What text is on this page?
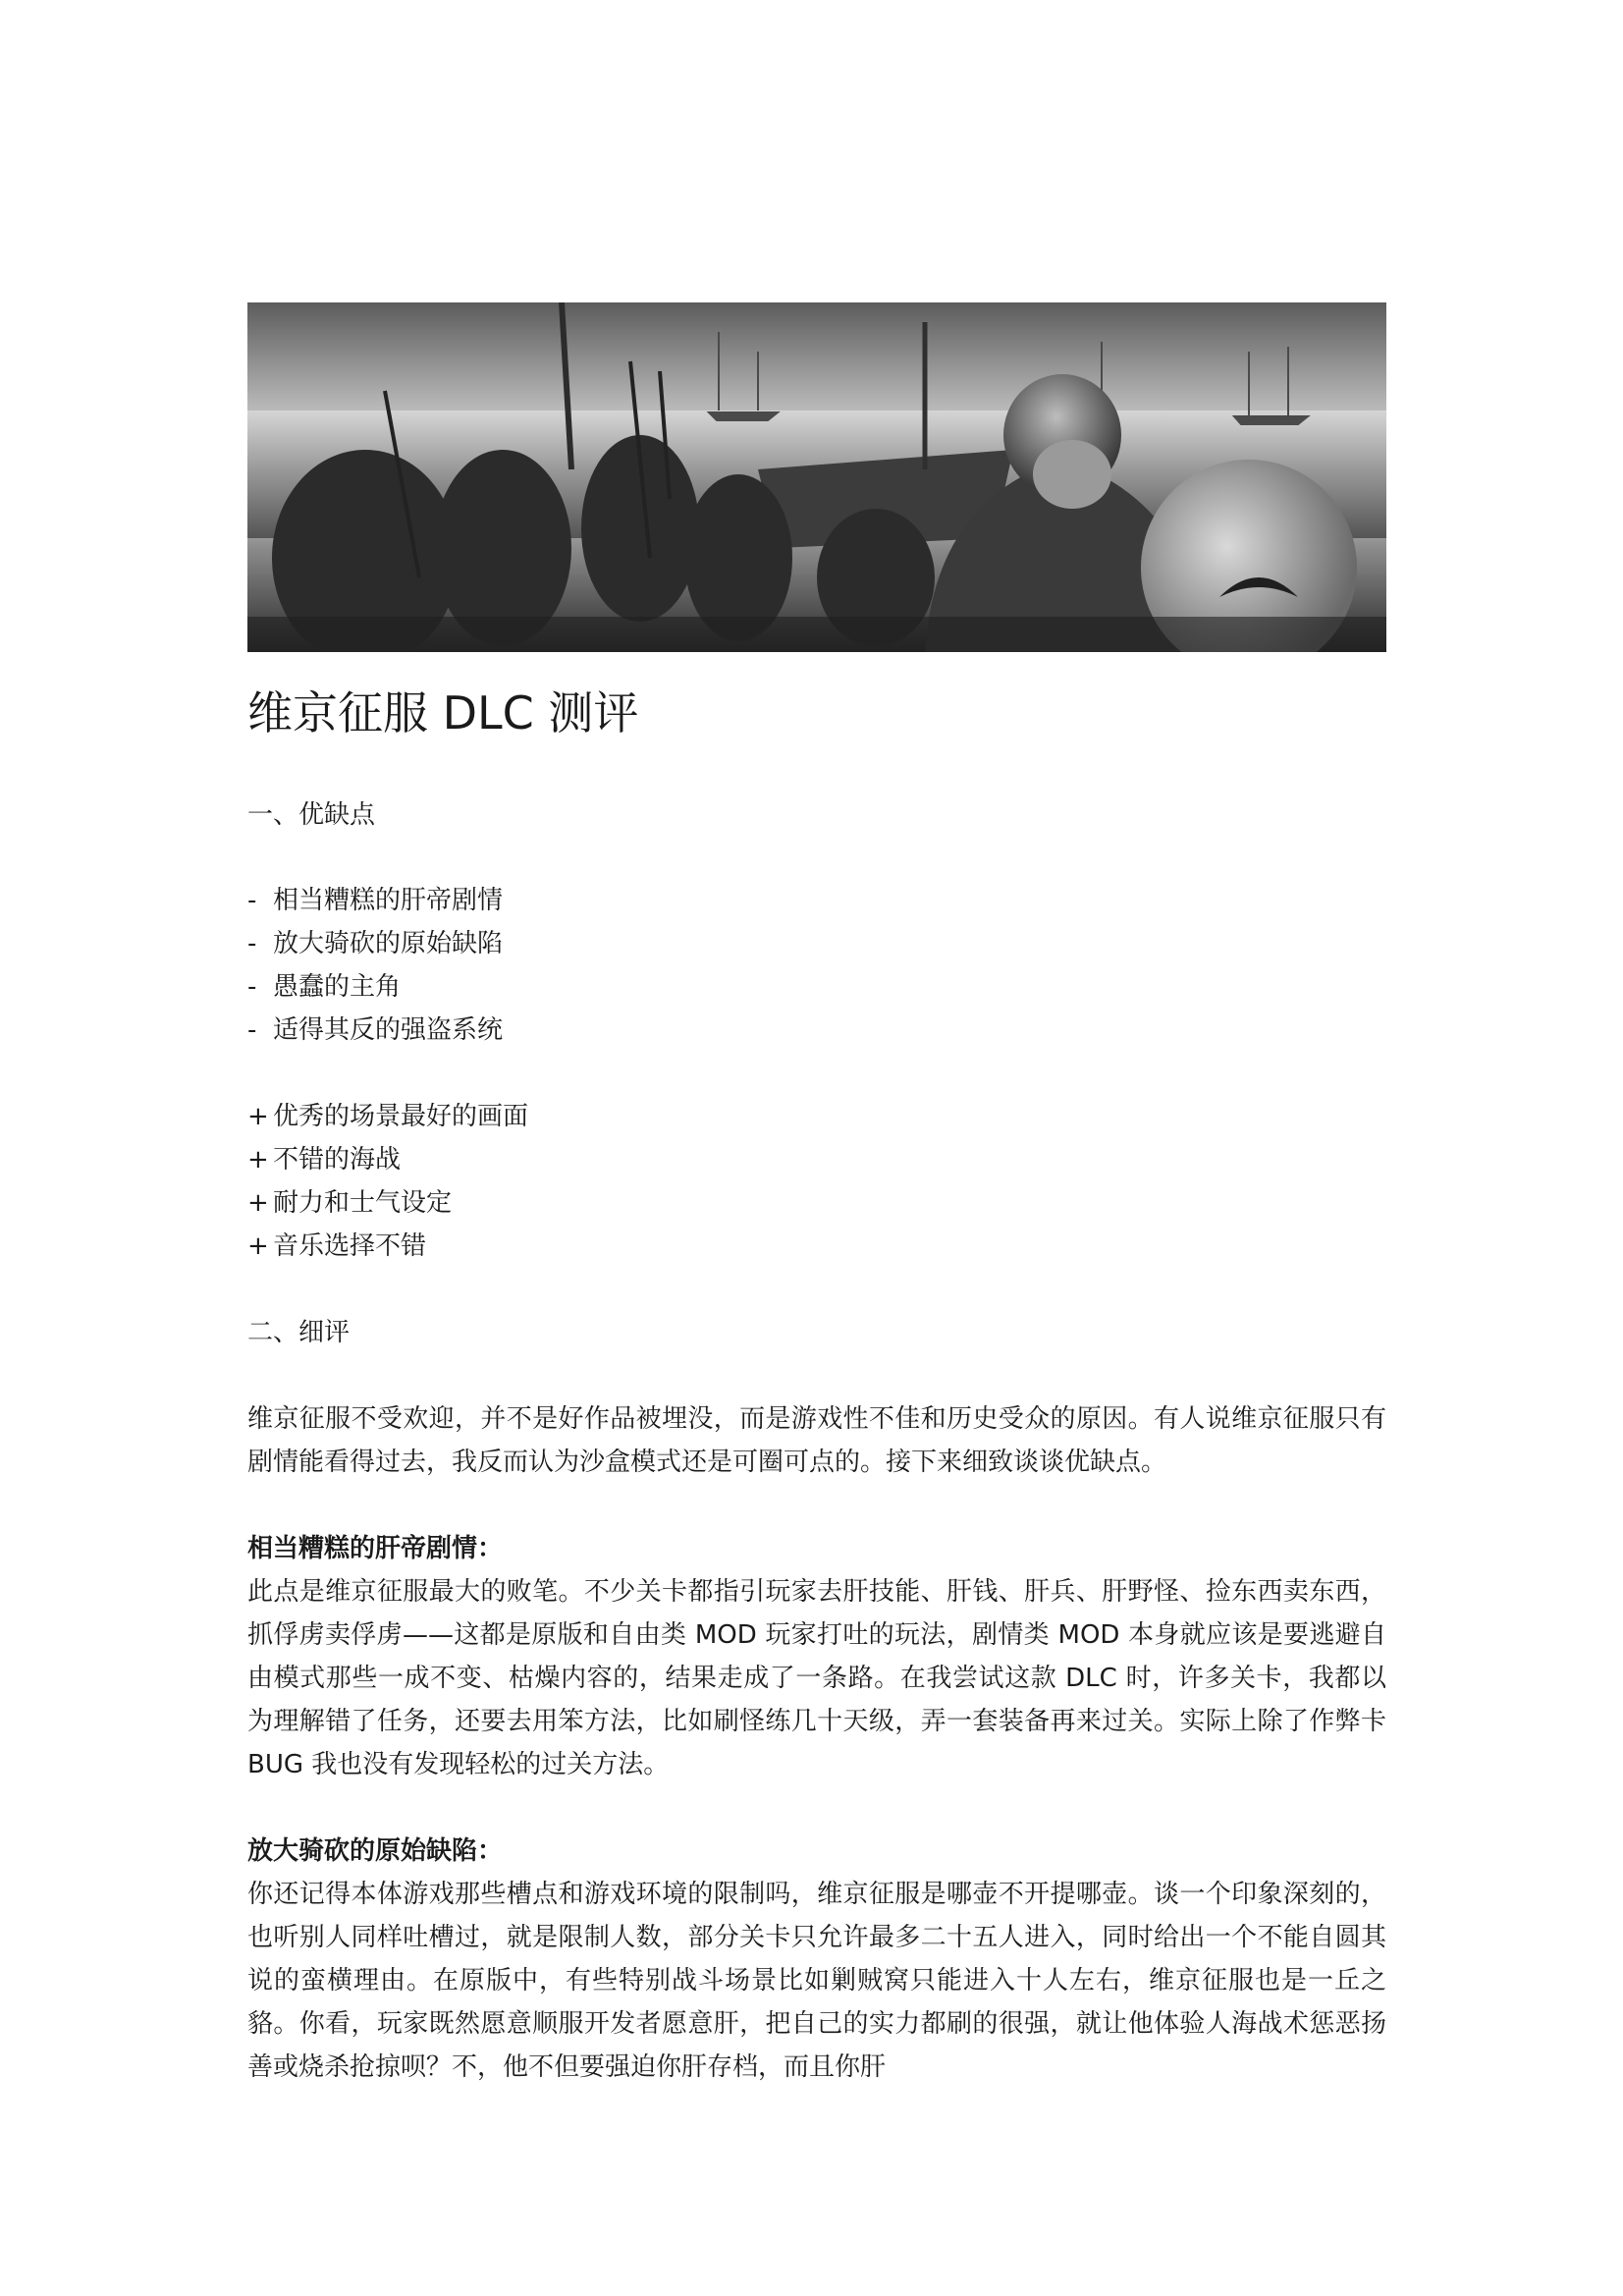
维京征服 DLC 测评

一、优缺点

- 相当糟糕的肝帝剧情
- 放大骑砍的原始缺陷
- 愚蠢的主角
- 适得其反的强盗系统
+ 优秀的场景最好的画面
+ 不错的海战
+ 耐力和士气设定
+ 音乐选择不错

二、细评

维京征服不受欢迎，并不是好作品被埋没，而是游戏性不佳和历史受众的原因。有人说维京征服只有剧情能看得过去，我反而认为沙盒模式还是可圈可点的。接下来细致谈谈优缺点。

相当糟糕的肝帝剧情：

此点是维京征服最大的败笔。不少关卡都指引玩家去肝技能、肝钱、肝兵、肝野怪、捡东西卖东西，抓俘虏卖俘虏——这都是原版和自由类 MOD 玩家打吐的玩法，剧情类 MOD 本身就应该是要逃避自由模式那些一成不变、枯燥内容的，结果走成了一条路。在我尝试这款 DLC 时，许多关卡，我都以为理解错了任务，还要去用笨方法，比如刷怪练几十天级，弄一套装备再来过关。实际上除了作弊卡 BUG 我也没有发现轻松的过关方法。

放大骑砍的原始缺陷：

你还记得本体游戏那些槽点和游戏环境的限制吗，维京征服是哪壶不开提哪壶。谈一个印象深刻的，也听别人同样吐槽过，就是限制人数，部分关卡只允许最多二十五人进入，同时给出一个不能自圆其说的蛮横理由。在原版中，有些特别战斗场景比如剿贼窝只能进入十人左右，维京征服也是一丘之貉。你看，玩家既然愿意顺服开发者愿意肝，把自己的实力都刷的很强，就让他体验人海战术惩恶扬善或烧杀抢掠呗？不，他不但要强迫你肝存档，而且你肝
